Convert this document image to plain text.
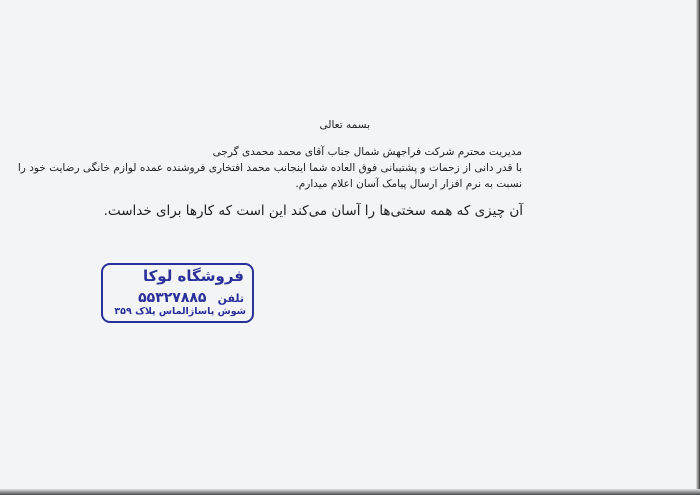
بسمه تعالی
مدیریت محترم شرکت فراجهش شمال جناب آقای محمد محمدی گرجی
با قدر دانی از زحمات و پشتیبانی فوق العاده شما اینجانب محمد افتخاری فروشنده عمده لوازم خانگی رضایت خود را
نسبت به نرم افزار ارسال پیامک آسان اعلام میدارم.
آن چیزی که همه سختی‌ها را آسان می‌کند این است که کارها برای خداست.
فروشگاه لوکا
تلفن ۵۵۳۲۷۸۸۵
شوش پاساژالماس پلاک ۳۵۹
